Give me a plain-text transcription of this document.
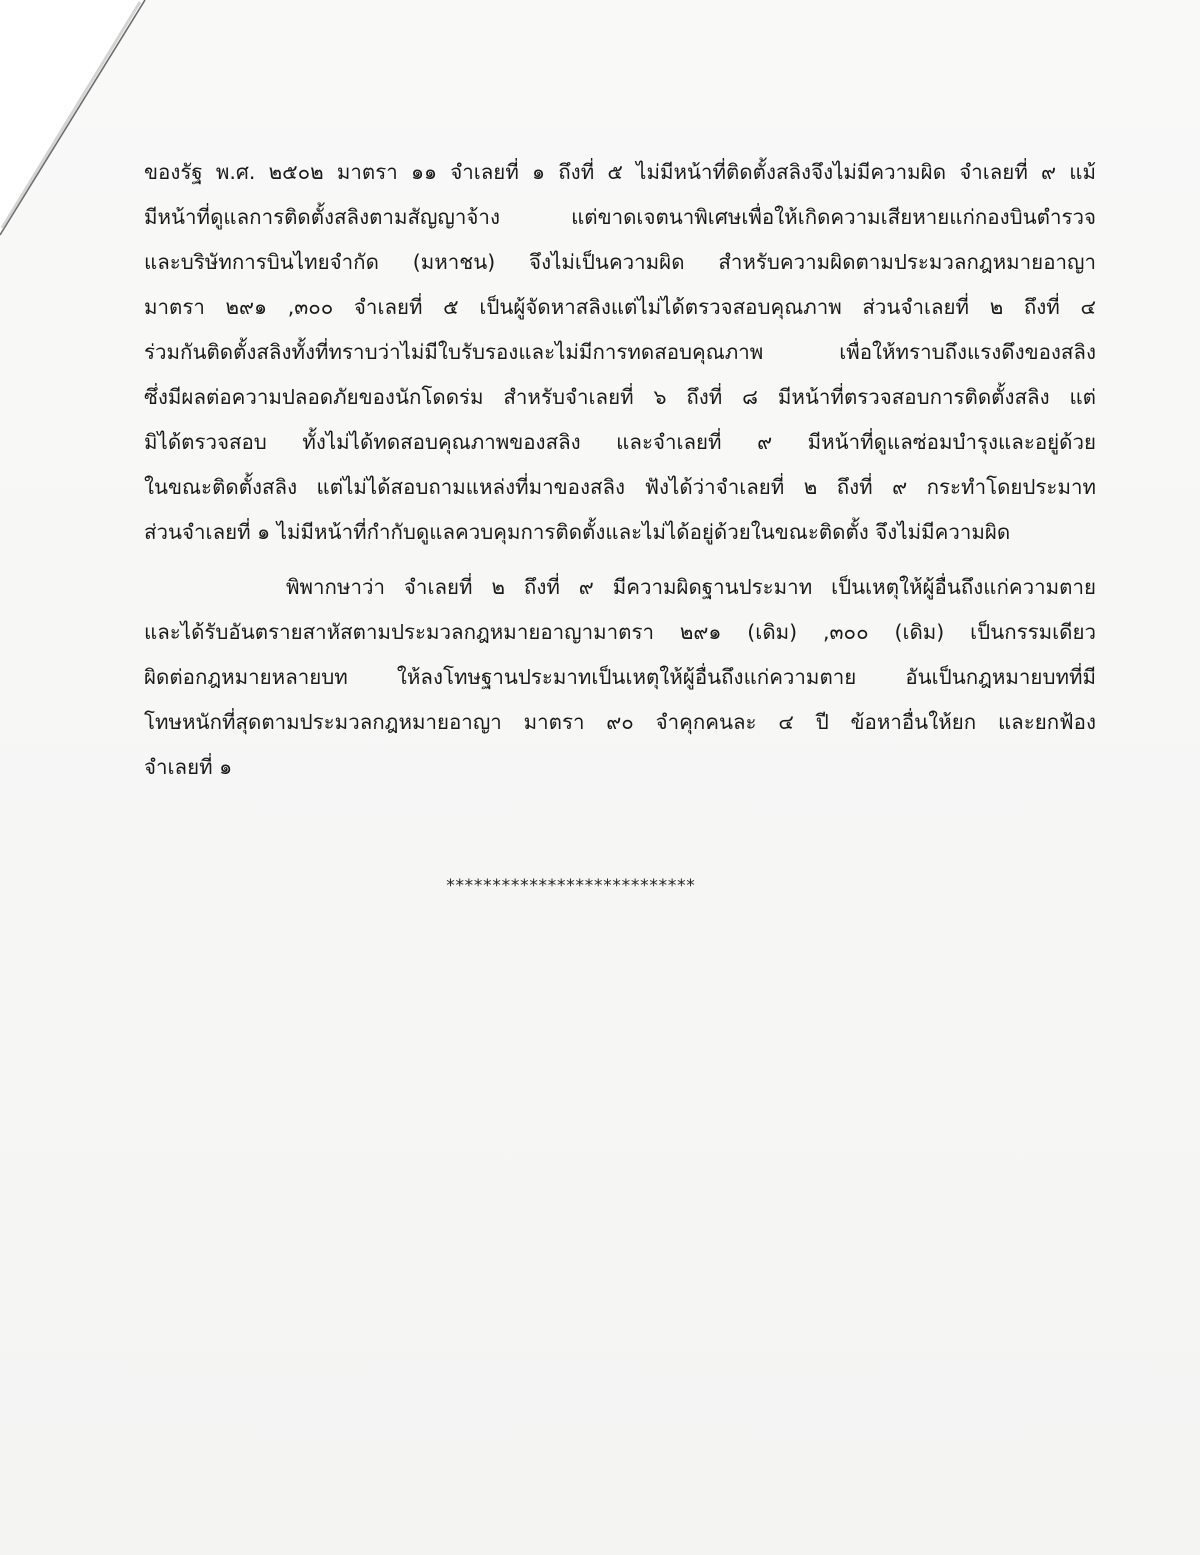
ของรัฐ พ.ศ. ๒๕๐๒ มาตรา ๑๑ จำเลยที่ ๑ ถึงที่ ๕ ไม่มีหน้าที่ติดตั้งสลิงจึงไม่มีความผิด จำเลยที่ ๙ แม้
มีหน้าที่ดูแลการติดตั้งสลิงตามสัญญาจ้าง แต่ขาดเจตนาพิเศษเพื่อให้เกิดความเสียหายแก่กองบินตำรวจ
และบริษัทการบินไทยจำกัด (มหาชน) จึงไม่เป็นความผิด สำหรับความผิดตามประมวลกฎหมายอาญา
มาตรา ๒๙๑ ,๓๐๐ จำเลยที่ ๕ เป็นผู้จัดหาสลิงแต่ไม่ได้ตรวจสอบคุณภาพ ส่วนจำเลยที่ ๒ ถึงที่ ๔
ร่วมกันติดตั้งสลิงทั้งที่ทราบว่าไม่มีใบรับรองและไม่มีการทดสอบคุณภาพ เพื่อให้ทราบถึงแรงดึงของสลิง
ซึ่งมีผลต่อความปลอดภัยของนักโดดร่ม สำหรับจำเลยที่ ๖ ถึงที่ ๘ มีหน้าที่ตรวจสอบการติดตั้งสลิง แต่
มิได้ตรวจสอบ ทั้งไม่ได้ทดสอบคุณภาพของสลิง และจำเลยที่ ๙ มีหน้าที่ดูแลซ่อมบำรุงและอยู่ด้วย
ในขณะติดตั้งสลิง แต่ไม่ได้สอบถามแหล่งที่มาของสลิง ฟังได้ว่าจำเลยที่ ๒ ถึงที่ ๙ กระทำโดยประมาท
ส่วนจำเลยที่ ๑ ไม่มีหน้าที่กำกับดูแลควบคุมการติดตั้งและไม่ได้อยู่ด้วยในขณะติดตั้ง จึงไม่มีความผิด
พิพากษาว่า จำเลยที่ ๒ ถึงที่ ๙ มีความผิดฐานประมาท เป็นเหตุให้ผู้อื่นถึงแก่ความตาย
และได้รับอันตรายสาหัสตามประมวลกฎหมายอาญามาตรา ๒๙๑ (เดิม) ,๓๐๐ (เดิม) เป็นกรรมเดียว
ผิดต่อกฎหมายหลายบท ให้ลงโทษฐานประมาทเป็นเหตุให้ผู้อื่นถึงแก่ความตาย อันเป็นกฎหมายบทที่มี
โทษหนักที่สุดตามประมวลกฎหมายอาญา มาตรา ๙๐ จำคุกคนละ ๔ ปี ข้อหาอื่นให้ยก และยกฟ้อง
จำเลยที่ ๑
***************************
